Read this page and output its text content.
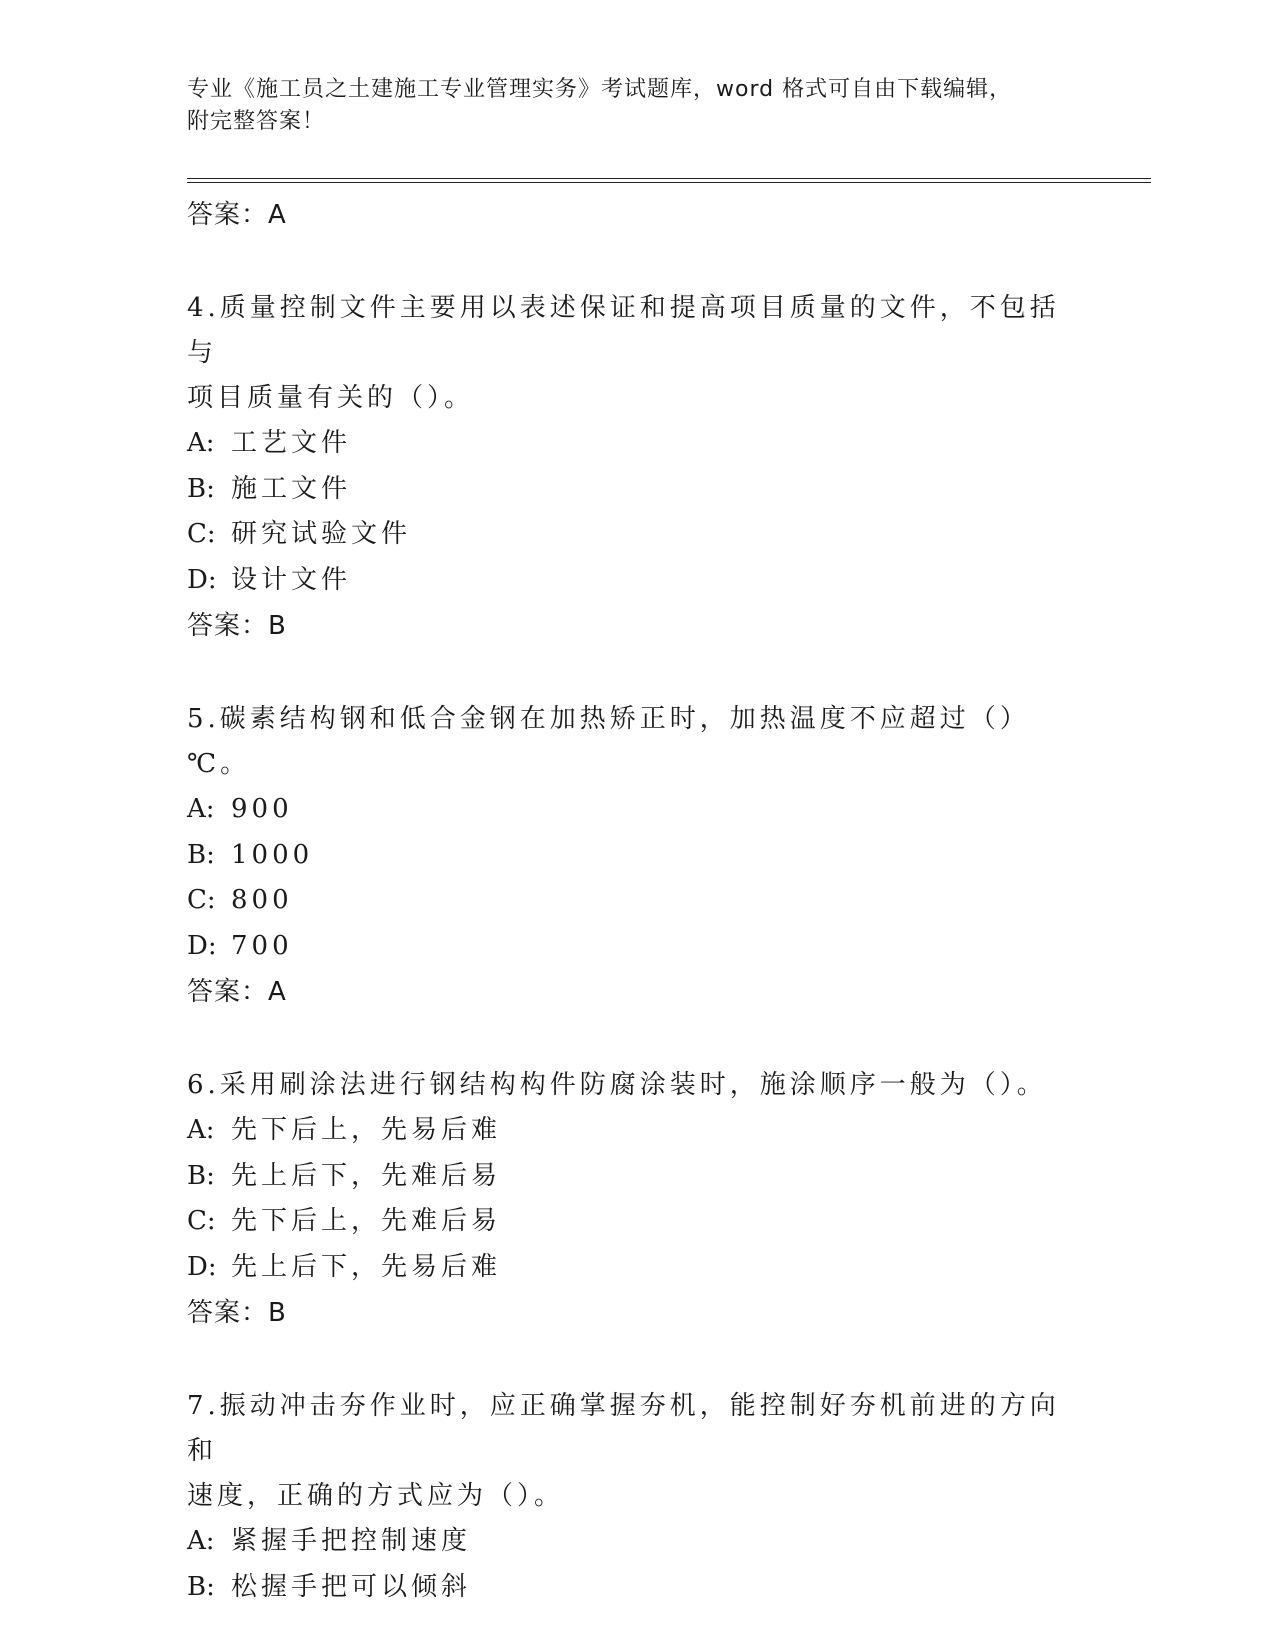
专业《施工员之土建施工专业管理实务》考试题库，word 格式可自由下载编辑，
附完整答案！
答案：A
4.质量控制文件主要用以表述保证和提高项目质量的文件，不包括与
项目质量有关的（）。
A: 工艺文件
B: 施工文件
C: 研究试验文件
D: 设计文件
答案：B
5.碳素结构钢和低合金钢在加热矫正时，加热温度不应超过（）℃。
A: 900
B: 1000
C: 800
D: 700
答案：A
6.采用刷涂法进行钢结构构件防腐涂装时，施涂顺序一般为（）。
A: 先下后上，先易后难
B: 先上后下，先难后易
C: 先下后上，先难后易
D: 先上后下，先易后难
答案：B
7.振动冲击夯作业时，应正确掌握夯机，能控制好夯机前进的方向和
速度，正确的方式应为（）。
A: 紧握手把控制速度
B: 松握手把可以倾斜
